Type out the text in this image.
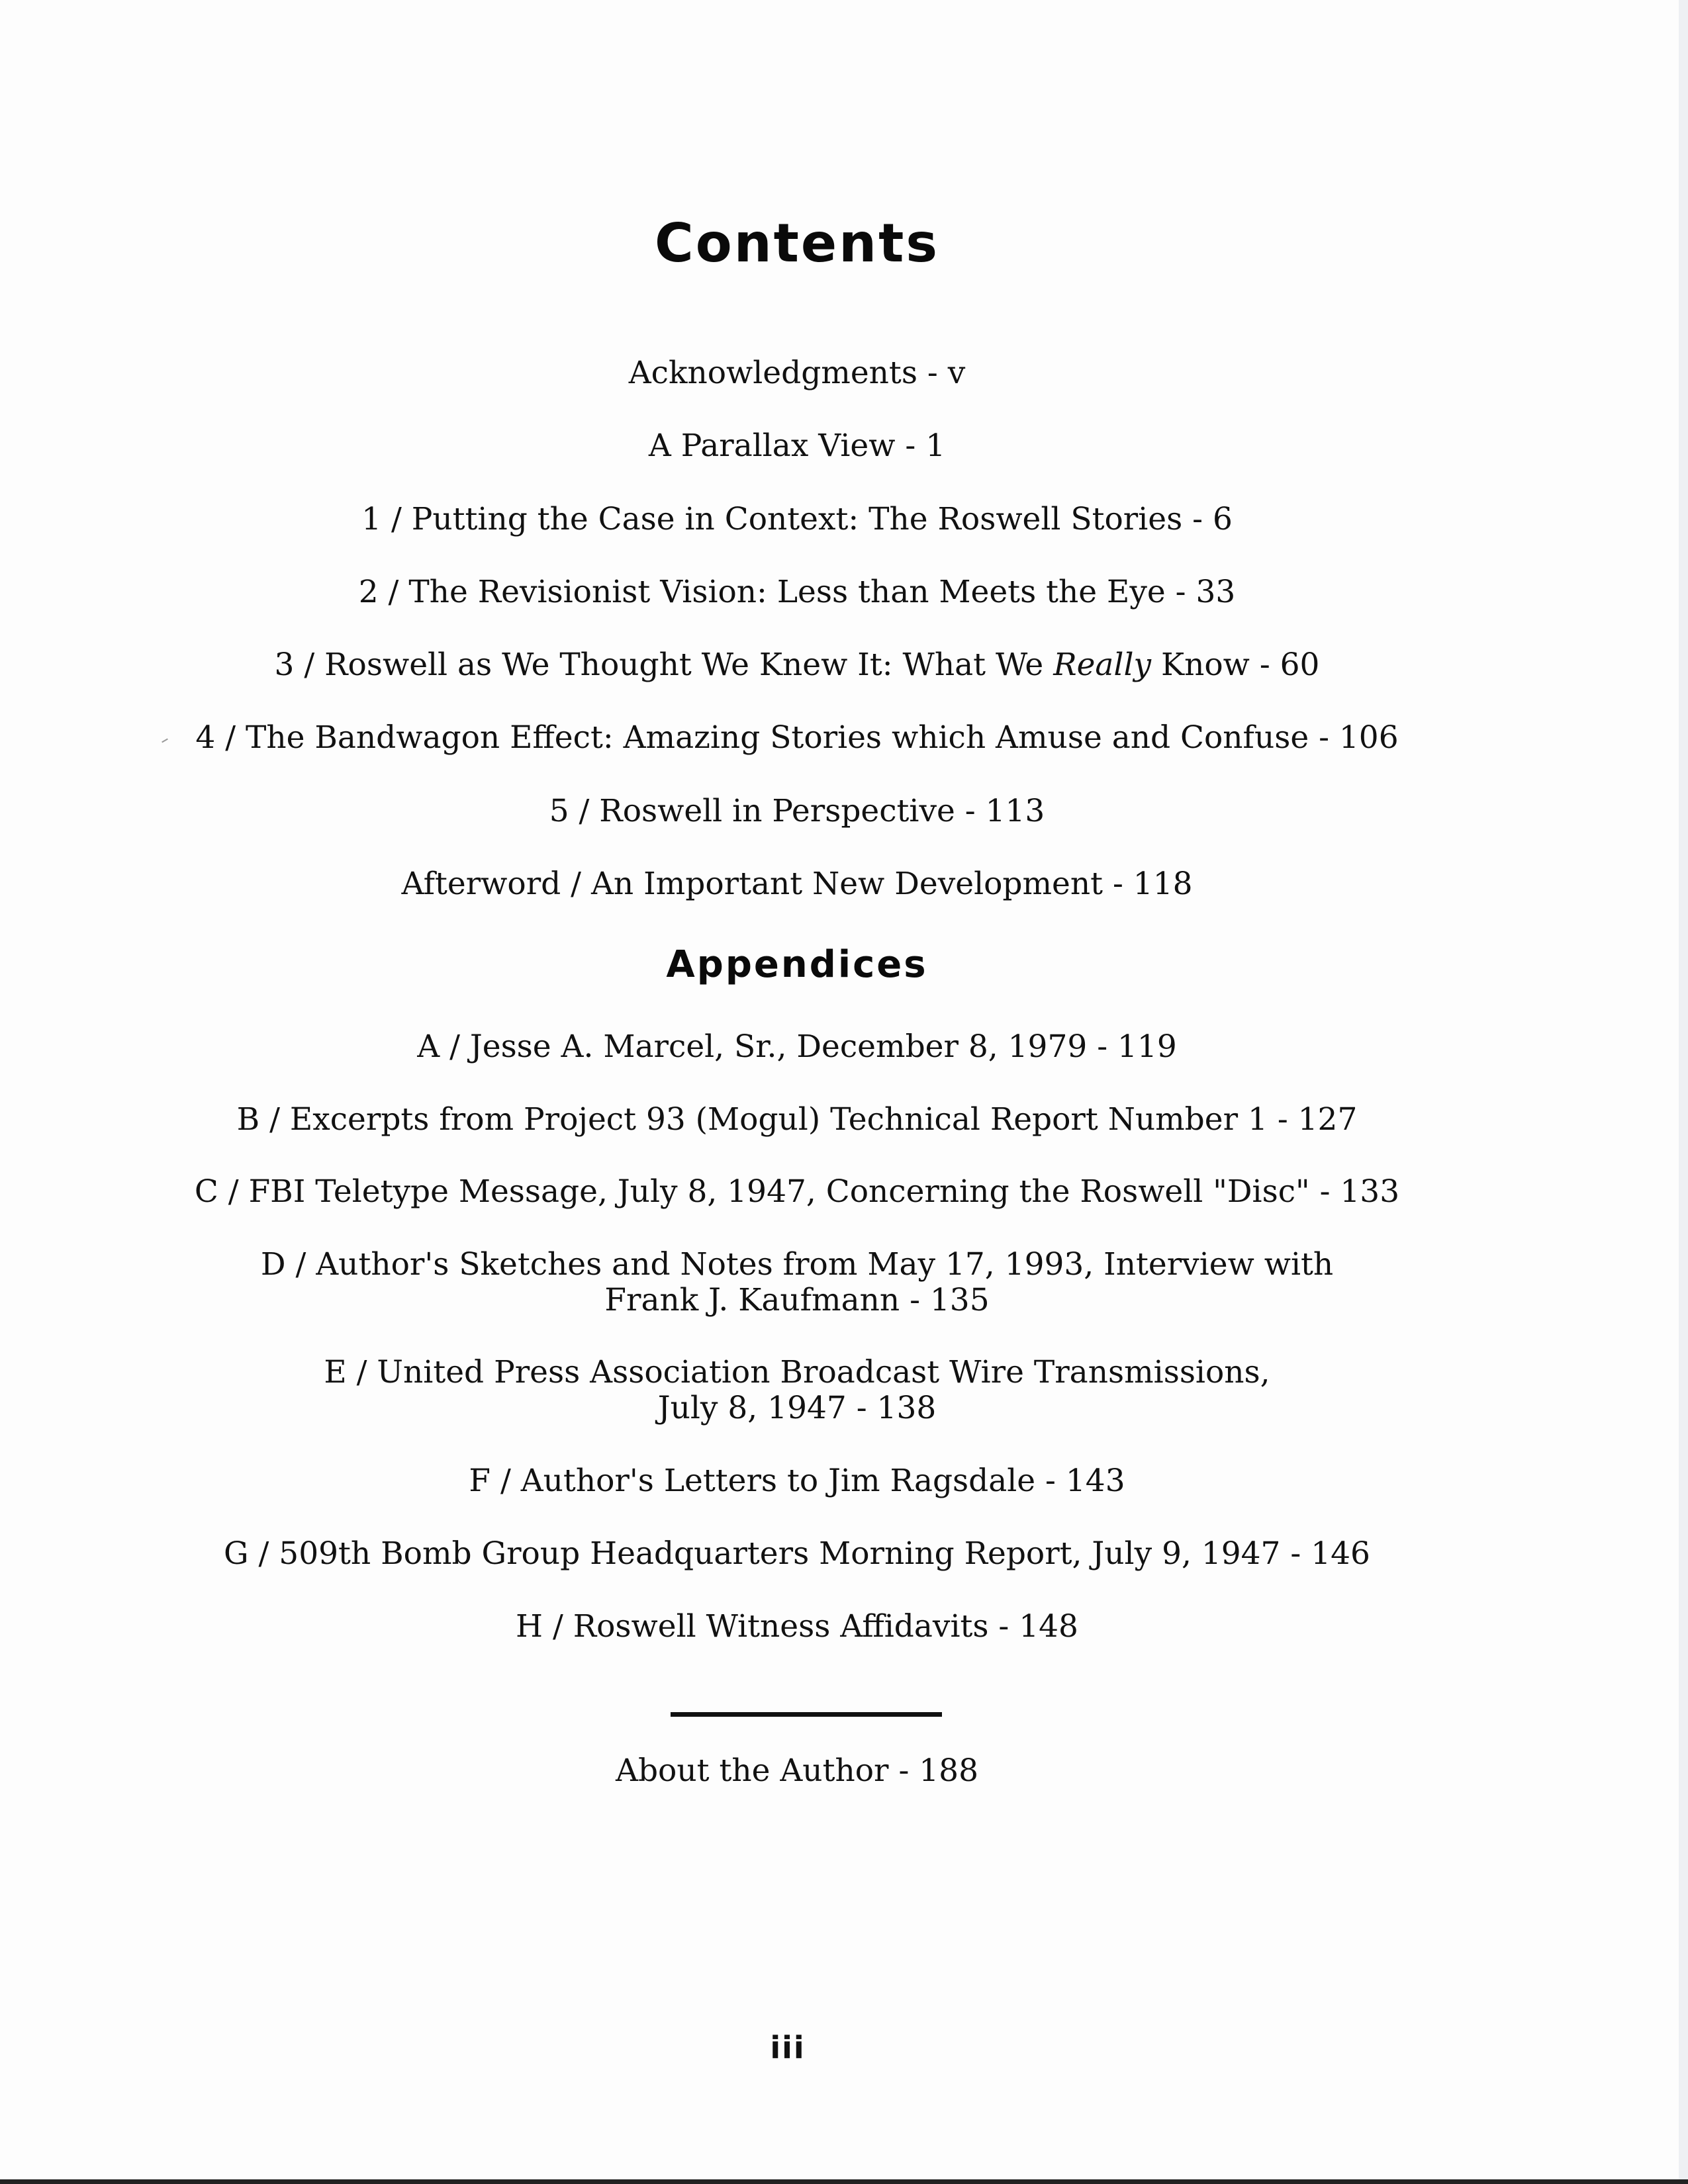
Contents
Acknowledgments - v
A Parallax View - 1
1 / Putting the Case in Context: The Roswell Stories - 6
2 / The Revisionist Vision: Less than Meets the Eye - 33
3 / Roswell as We Thought We Knew It: What We Really Know - 60
4 / The Bandwagon Effect: Amazing Stories which Amuse and Confuse - 106
5 / Roswell in Perspective - 113
Afterword / An Important New Development - 118
Appendices
A / Jesse A. Marcel, Sr., December 8, 1979 - 119
B / Excerpts from Project 93 (Mogul) Technical Report Number 1 - 127
C / FBI Teletype Message, July 8, 1947, Concerning the Roswell "Disc" - 133
D / Author's Sketches and Notes from May 17, 1993, Interview with
Frank J. Kaufmann - 135
E / United Press Association Broadcast Wire Transmissions,
July 8, 1947 - 138
F / Author's Letters to Jim Ragsdale - 143
G / 509th Bomb Group Headquarters Morning Report, July 9, 1947 - 146
H / Roswell Witness Affidavits - 148
About the Author - 188
iii
